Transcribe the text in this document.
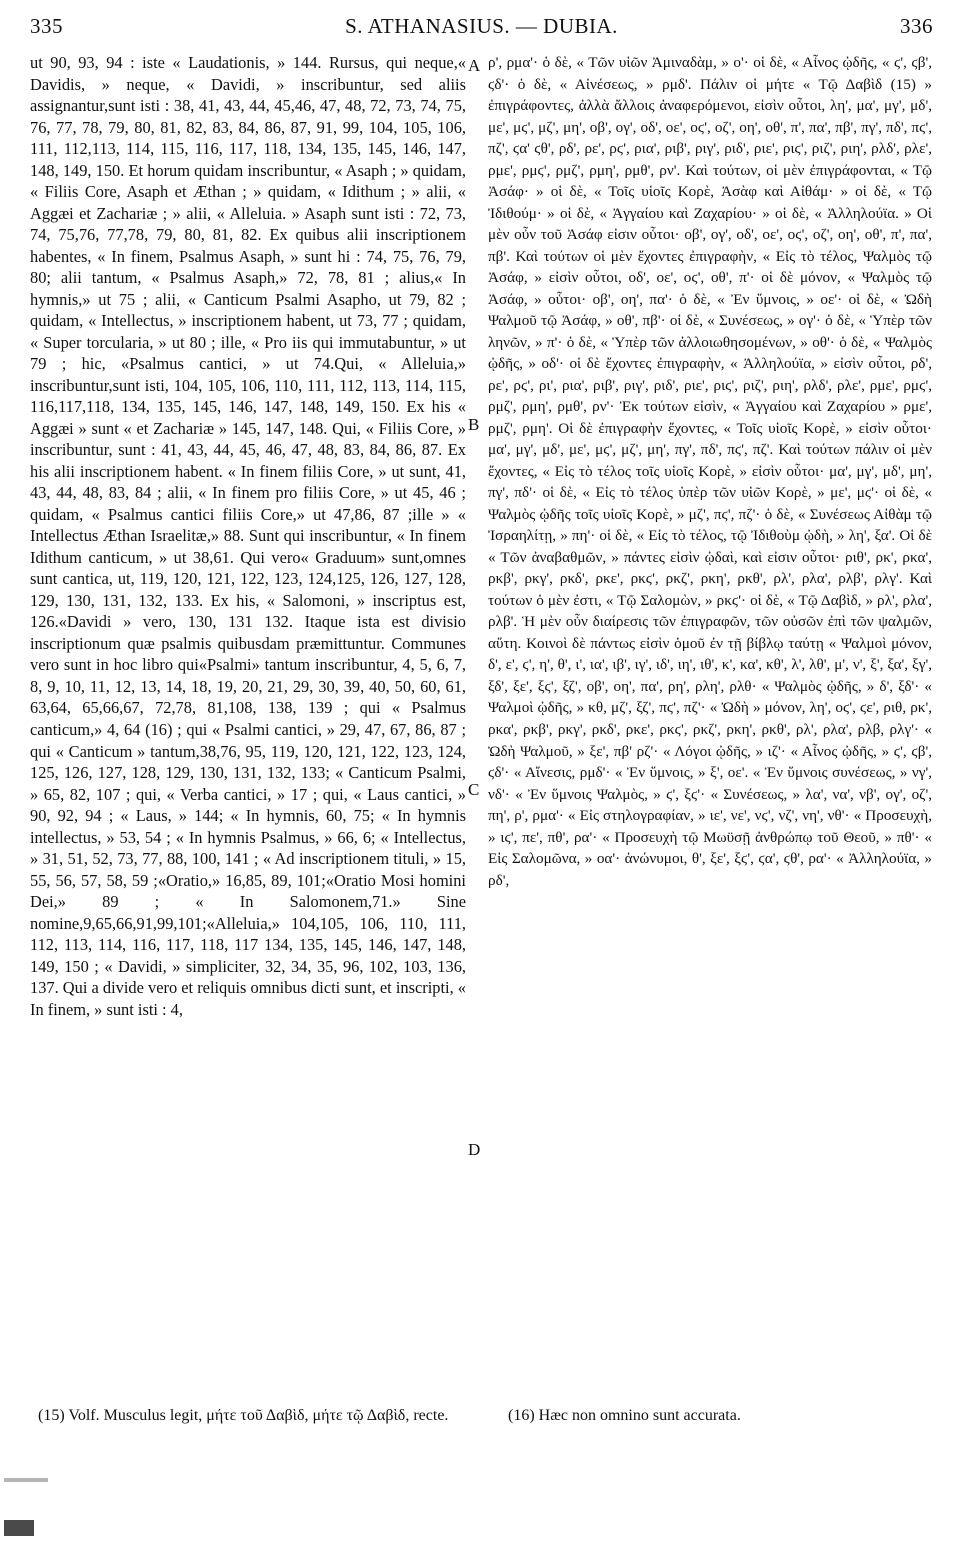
335	S. ATHANASIUS. — DUBIA.	336
ut 90, 93, 94 : iste « Laudationis, » 144. Rursus, qui neque,« Davidis, » neque, « Davidi, » inscribuntur, sed aliis assignantur,sunt isti : 38, 41, 43, 44, 45,46, 47, 48, 72, 73, 74, 75, 76, 77, 78, 79, 80, 81, 82, 83, 84, 86, 87, 91, 99, 104, 105, 106, 111, 112,113, 114, 115, 116, 117, 118, 134, 135, 145, 146, 147, 148, 149, 150. Et horum quidam inscribuntur, « Asaph ; » quidam, « Filiis Core, Asaph et Æthan ; » quidam, « Idithum ; » alii, « Aggæi et Zachariæ ; » alii, « Alleluia. » Asaph sunt isti : 72, 73, 74, 75,76, 77,78, 79, 80, 81, 82. Ex quibus alii inscriptionem habentes, « In finem, Psalmus Asaph, » sunt hi : 74, 75, 76, 79, 80; alii tantum, « Psalmus Asaph,» 72, 78, 81 ; alius,« In hymnis,» ut 75 ; alii, « Canticum Psalmi Asapho, ut 79, 82 ; quidam, « Intellectus, » inscriptionem habent, ut 73, 77 ; quidam, « Super torcularia, » ut 80 ; ille, « Pro iis qui immutabuntur, » ut 79 ; hic, «Psalmus cantici, » ut 74.Qui, « Alleluia,» inscribuntur,sunt isti, 104, 105, 106, 110, 111, 112, 113, 114, 115, 116,117,118, 134, 135, 145, 146, 147, 148, 149, 150. Ex his « Aggæi » sunt « et Zachariæ » 145, 147, 148. Qui, « Filiis Core, » inscribuntur, sunt : 41, 43, 44, 45, 46, 47, 48, 83, 84, 86, 87. Ex his alii inscriptionem habent. « In finem filiis Core, » ut sunt, 41, 43, 44, 48, 83, 84 ; alii, « In finem pro filiis Core, » ut 45, 46 ; quidam, « Psalmus cantici filiis Core,» ut 47,86, 87 ;ille » « Intellectus Æthan Israelitæ,» 88. Sunt qui inscribuntur, « In finem Idithum canticum, » ut 38,61. Qui vero« Graduum» sunt,omnes sunt cantica, ut, 119, 120, 121, 122, 123, 124,125, 126, 127, 128, 129, 130, 131, 132, 133. Ex his, « Salomoni, » inscriptus est, 126.«Davidi » vero, 130, 131 132. Itaque ista est divisio inscriptionum quæ psalmis quibusdam præmittuntur. Communes vero sunt in hoc libro qui«Psalmi» tantum inscribuntur, 4, 5, 6, 7, 8, 9, 10, 11, 12, 13, 14, 18, 19, 20, 21, 29, 30, 39, 40, 50, 60, 61, 63,64, 65,66,67, 72,78, 81,108, 138, 139 ; qui « Psalmus canticum,» 4, 64 (16) ; qui « Psalmi cantici, » 29, 47, 67, 86, 87 ; qui « Canticum » tantum,38,76, 95, 119, 120, 121, 122, 123, 124, 125, 126, 127, 128, 129, 130, 131, 132, 133; « Canticum Psalmi, » 65, 82, 107 ; qui, « Verba cantici, » 17 ; qui, « Laus cantici, » 90, 92, 94 ; « Laus, » 144; « In hymnis, 60, 75; « In hymnis intellectus, » 53, 54 ; « In hymnis Psalmus, » 66, 6; « Intellectus, » 31, 51, 52, 73, 77, 88, 100, 141 ; « Ad inscriptionem tituli, » 15, 55, 56, 57, 58, 59 ;«Oratio,» 16,85, 89, 101;«Oratio Mosi homini Dei,» 89 ; « In Salomonem,71.» Sine nomine,9,65,66,91,99,101;«Alleluia,» 104,105, 106, 110, 111, 112, 113, 114, 116, 117, 118, 117 134, 135, 145, 146, 147, 148, 149, 150 ; « Davidi, » simpliciter, 32, 34, 35, 96, 102, 103, 136, 137. Qui a divide vero et reliquis omnibus dicti sunt, et inscripti, « In finem, » sunt isti : 4,
ρ', ρμα'· ὁ δὲ, « Τῶν υἱῶν Ἀμιναδὰμ, » ο'· οἱ δὲ, « Αἶνος ᾠδῆς, « ϛ', ϛβ', ϛδ'· ὁ δὲ, « Αἰνέσεως, » ρμδ'. Πάλιν οἱ μήτε « Τῷ Δαβὶδ (15) » ἐπιγράφοντες, ἀλλὰ ἄλλοις ἀναφερόμενοι, εἰσὶν οὗτοι, λη', μα', μγ', μδ', με', μϛ', μζ', μη', οβ', ογ', οδ', οε', οϛ', οζ', οη', οθ', π', πα', πβ', πγ', πδ', πϛ', πζ', ϛα' ϛθ', ρδ', ρε', ρϛ', ρια', ριβ', ριγ', ριδ', ριε', ριϛ', ριζ', ριη', ρλδ', ρλε', ρμε', ρμϛ', ρμζ', ρμη', ρμθ', ρν'. Καὶ τούτων, οἱ μὲν ἐπιγράφονται, « Τῷ Ἀσάφ· » οἱ δὲ, « Τοῖς υἱοῖς Κορὲ, Ἀσὰφ καὶ Αἰθάμ· » οἱ δὲ, « Τῷ Ἰδιθούμ· » οἱ δὲ, « Ἀγγαίου καὶ Ζαχαρίου· » οἱ δὲ, « Ἀλληλούϊα. » Οἱ μὲν οὖν τοῦ Ἀσάφ εἰσιν οὗτοι· οβ', ογ', οδ', οε', οϛ', οζ', οη', οθ', π', πα', πβ'. Καὶ τούτων οἱ μὲν ἔχοντες ἐπιγραφὴν, « Εἰς τὸ τέλος, Ψαλμὸς τῷ Ἀσάφ, » εἰσὶν οὗτοι, οδ', οε', οϛ', οθ', π'· οἱ δὲ μόνον, « Ψαλμὸς τῷ Ἀσάφ, » οὗτοι· οβ', οη', πα'· ὁ δὲ, « Ἐν ὕμνοις, » οε'· οἱ δὲ, « Ὠδὴ Ψαλμοῦ τῷ Ἀσάφ, » οθ', πβ'· οἱ δὲ, « Συνέσεως, » ογ'· ὁ δὲ, « Ὑπὲρ τῶν ληνῶν, » π'· ὁ δὲ, « Ὑπὲρ τῶν ἀλλοιωθησομένων, » οθ'· ὁ δὲ, « Ψαλμὸς ᾠδῆς, » οδ'· οἱ δὲ ἔχοντες ἐπιγραφὴν, « Ἀλληλούϊα, » εἰσὶν οὗτοι, ρδ', ρε', ρϛ', ρι', ρια', ριβ', ριγ', ριδ', ριε', ριϛ', ριζ', ριη', ρλδ', ρλε', ρμε', ρμϛ', ρμζ', ρμη', ρμθ', ρν'· Ἐκ τούτων εἰσὶν, « Ἀγγαίου καὶ Ζαχαρίου » ρμε', ρμζ', ρμη'. Οἱ δὲ ἐπιγραφὴν ἔχοντες, « Τοῖς υἱοῖς Κορὲ, » εἰσὶν οὗτοι· μα', μγ', μδ', με', μϛ', μζ', μη', πγ', πδ', πϛ', πζ'. Καὶ τούτων πάλιν οἱ μὲν ἔχοντες, « Εἰς τὸ τέλος τοῖς υἱοῖς Κορὲ, » εἰσὶν οὗτοι· μα', μγ', μδ', μη', πγ', πδ'· οἱ δὲ, « Εἰς τὸ τέλος ὑπὲρ τῶν υἱῶν Κορὲ, » με', μϛ'· οἱ δὲ, « Ψαλμὸς ᾠδῆς τοῖς υἱοῖς Κορὲ, » μζ', πϛ', πζ'· ὁ δὲ, « Συνέσεως Αἰθὰμ τῷ Ἰσραηλίτῃ, » πη'· οἱ δὲ, « Εἰς τὸ τέλος, τῷ Ἰδιθοὺμ ᾠδὴ, » λη', ξα'. Οἱ δὲ « Τῶν ἀναβαθμῶν, » πάντες εἰσὶν ᾠδαὶ, καὶ εἰσιν οὗτοι· ριθ', ρκ', ρκα', ρκβ', ρκγ', ρκδ', ρκε', ρκϛ', ρκζ', ρκη', ρκθ', ρλ', ρλα', ρλβ', ρλγ'. Καὶ τούτων ὁ μὲν ἐστι, « Τῷ Σαλομὼν, » ρκϛ'· οἱ δὲ, « Τῷ Δαβὶδ, » ρλ', ρλα', ρλβ'. Ἡ μὲν οὖν διαίρεσις τῶν ἐπιγραφῶν, τῶν οὐσῶν ἐπὶ τῶν ψαλμῶν, αὕτη. Κοινοὶ δὲ πάντως εἰσὶν ὁμοῦ ἐν τῇ βίβλῳ ταύτῃ « Ψαλμοὶ μόνον, δ', ε', ϛ', η', θ', ι', ια', ιβ', ιγ', ιδ', ιη', ιθ', κ', κα', κθ', λ', λθ', μ', ν', ξ', ξα', ξγ', ξδ', ξε', ξϛ', ξζ', οβ', οη', πα', ρη', ρλη', ρλθ· « Ψαλμὸς ᾠδῆς, » δ', ξδ'· « Ψαλμοὶ ᾠδῆς, » κθ, μζ', ξζ', πϛ', πζ'· « Ὠδὴ » μόνον, λη', οϛ', ϛε', ριθ, ρκ', ρκα', ρκβ', ρκγ', ρκδ', ρκε', ρκϛ', ρκζ', ρκη', ρκθ', ρλ', ρλα', ρλβ, ρλγ'· « Ὠδὴ Ψαλμοῦ, » ξε', πβ' ρζ'· « Λόγοι ᾠδῆς, » ιζ'· « Αἶνος ᾠδῆς, » ϛ', ϛβ', ϛδ'· « Αἴνεσις, ρμδ'· « Ἐν ὕμνοις, » ξ', οε'. « Ἐν ὕμνοις συνέσεως, » νγ', νδ'· « Ἐν ὕμνοις Ψαλμὸς, » ϛ', ξϛ'· « Συνέσεως, » λα', να', νβ', ογ', οζ', πη', ρ', ρμα'· « Εἰς στηλογραφίαν, » ιε', νε', νϛ', νζ', νη', νθ'· « Προσευχὴ, » ιϛ', πε', πθ', ρα'· « Προσευχὴ τῷ Μωϋσῇ ἀνθρώπῳ τοῦ Θεοῦ, » πθ'· « Εἰς Σαλομῶνα, » οα'· ἀνώνυμοι, θ', ξε', ξϛ', ϛα', ϛθ', ρα'· « Ἀλληλούϊα, » ρδ',
A
B
C
D
(15) Volf. Musculus legit, μήτε τοῦ Δαβὶδ, μήτε τῷ Δαβὶδ, recte.	(16) Hæc non omnino sunt accurata.
